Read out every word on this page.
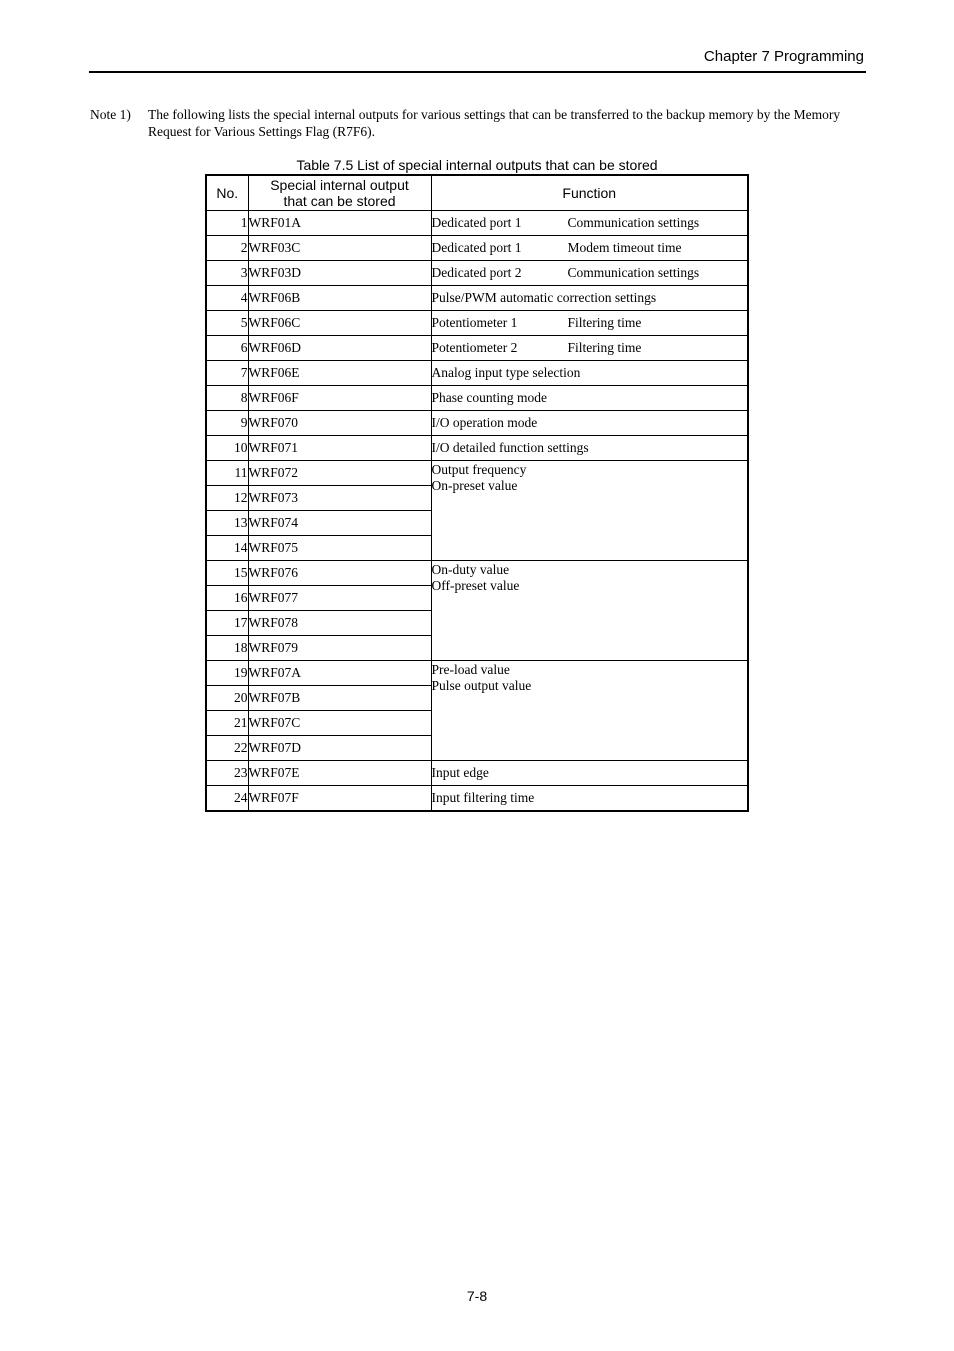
Chapter 7 Programming
Note 1) The following lists the special internal outputs for various settings that can be transferred to the backup memory by the Memory Request for Various Settings Flag (R7F6).
Table 7.5 List of special internal outputs that can be stored
No.	Special internal output
that can be stored	Function
1	WRF01A	Dedicated port 1 Communication settings
2	WRF03C	Dedicated port 1 Modem timeout time
3	WRF03D	Dedicated port 2 Communication settings
4	WRF06B	Pulse/PWM automatic correction settings
5	WRF06C	Potentiometer 1 Filtering time
6	WRF06D	Potentiometer 2 Filtering time
7	WRF06E	Analog input type selection
8	WRF06F	Phase counting mode
9	WRF070	I/O operation mode
10	WRF071	I/O detailed function settings
11	WRF072	Output frequency
On-preset value
12	WRF073	
13	WRF074	
14	WRF075	
15	WRF076	On-duty value
Off-preset value
16	WRF077	
17	WRF078	
18	WRF079	
19	WRF07A	Pre-load value
Pulse output value
20	WRF07B	
21	WRF07C	
22	WRF07D	
23	WRF07E	Input edge
24	WRF07F	Input filtering time
7-8
